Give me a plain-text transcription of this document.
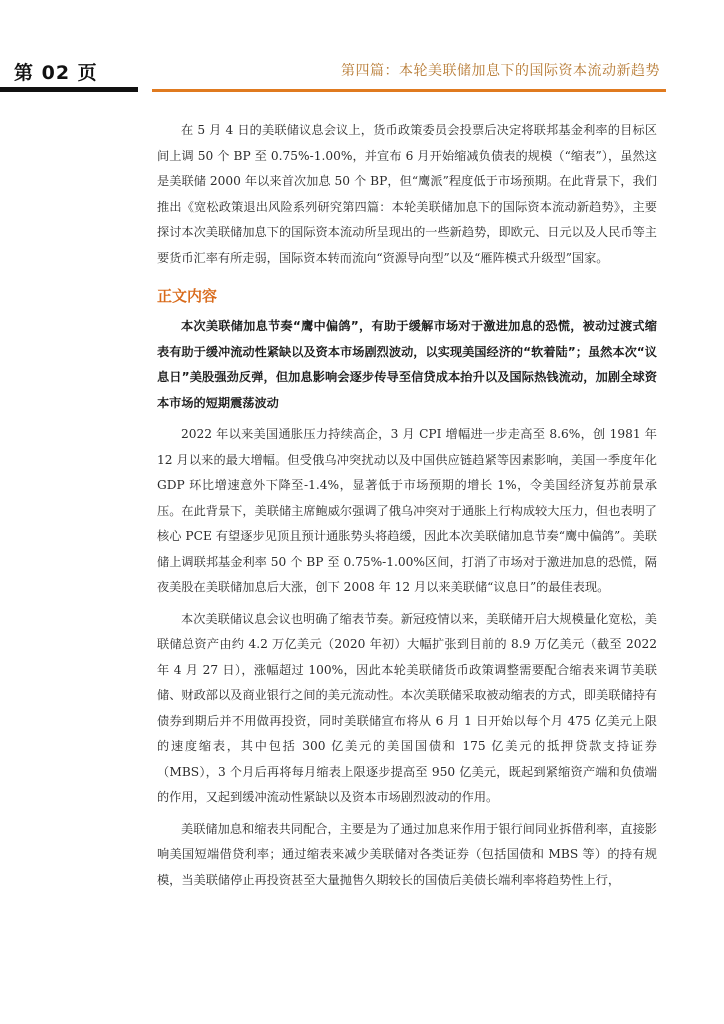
第 02 页	第四篇：本轮美联储加息下的国际资本流动新趋势

在 5 月 4 日的美联储议息会议上，货币政策委员会投票后决定将联邦基金利率的目标区间上调 50 个 BP 至 0.75%-1.00%，并宣布 6 月开始缩减负债表的规模（“缩表”），虽然这是美联储 2000 年以来首次加息 50 个 BP，但“鹰派”程度低于市场预期。在此背景下，我们推出《宽松政策退出风险系列研究第四篇：本轮美联储加息下的国际资本流动新趋势》，主要探讨本次美联储加息下的国际资本流动所呈现出的一些新趋势，即欧元、日元以及人民币等主要货币汇率有所走弱，国际资本转而流向“资源导向型”以及“雁阵模式升级型”国家。

正文内容

本次美联储加息节奏“鹰中偏鸽”，有助于缓解市场对于激进加息的恐慌，被动过渡式缩表有助于缓冲流动性紧缺以及资本市场剧烈波动，以实现美国经济的“软着陆”；虽然本次“议息日”美股强劲反弹，但加息影响会逐步传导至信贷成本抬升以及国际热钱流动，加剧全球资本市场的短期震荡波动

2022 年以来美国通胀压力持续高企，3 月 CPI 增幅进一步走高至 8.6%，创 1981 年 12 月以来的最大增幅。但受俄乌冲突扰动以及中国供应链趋紧等因素影响，美国一季度年化 GDP 环比增速意外下降至-1.4%，显著低于市场预期的增长 1%，令美国经济复苏前景承压。在此背景下，美联储主席鲍威尔强调了俄乌冲突对于通胀上行构成较大压力，但也表明了核心 PCE 有望逐步见顶且预计通胀势头将趋缓，因此本次美联储加息节奏“鹰中偏鸽”。美联储上调联邦基金利率 50 个 BP 至 0.75%-1.00%区间，打消了市场对于激进加息的恐慌，隔夜美股在美联储加息后大涨，创下 2008 年 12 月以来美联储“议息日”的最佳表现。

本次美联储议息会议也明确了缩表节奏。新冠疫情以来，美联储开启大规模量化宽松，美联储总资产由约 4.2 万亿美元（2020 年初）大幅扩张到目前的 8.9 万亿美元（截至 2022 年 4 月 27 日），涨幅超过 100%，因此本轮美联储货币政策调整需要配合缩表来调节美联储、财政部以及商业银行之间的美元流动性。本次美联储采取被动缩表的方式，即美联储持有债券到期后并不用做再投资，同时美联储宣布将从 6 月 1 日开始以每个月 475 亿美元上限的速度缩表，其中包括 300 亿美元的美国国债和 175 亿美元的抵押贷款支持证券（MBS），3 个月后再将每月缩表上限逐步提高至 950 亿美元，既起到紧缩资产端和负债端的作用，又起到缓冲流动性紧缺以及资本市场剧烈波动的作用。

美联储加息和缩表共同配合，主要是为了通过加息来作用于银行间同业拆借利率，直接影响美国短端借贷利率；通过缩表来减少美联储对各类证券（包括国债和 MBS 等）的持有规模，当美联储停止再投资甚至大量抛售久期较长的国债后美债长端利率将趋势性上行，
